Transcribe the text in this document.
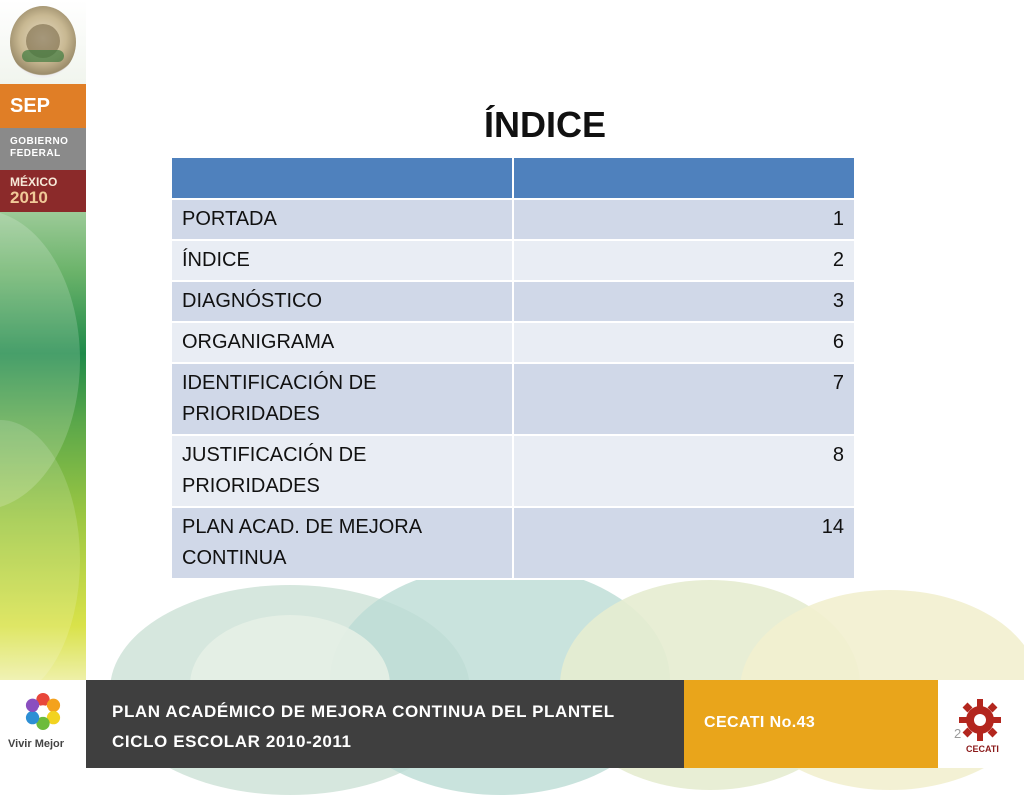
SEP
GOBIERNO
FEDERAL
MÉXICO
2010
ÍNDICE

PORTADA	1
ÍNDICE	2
DIAGNÓSTICO	3
ORGANIGRAMA	6
IDENTIFICACIÓN DE PRIORIDADES	7
JUSTIFICACIÓN DE PRIORIDADES	8
PLAN ACAD. DE MEJORA CONTINUA	14
Vivir Mejor
PLAN ACADÉMICO DE MEJORA CONTINUA DEL PLANTEL
CICLO ESCOLAR 2010-2011
CECATI No.43
CECATI
2
